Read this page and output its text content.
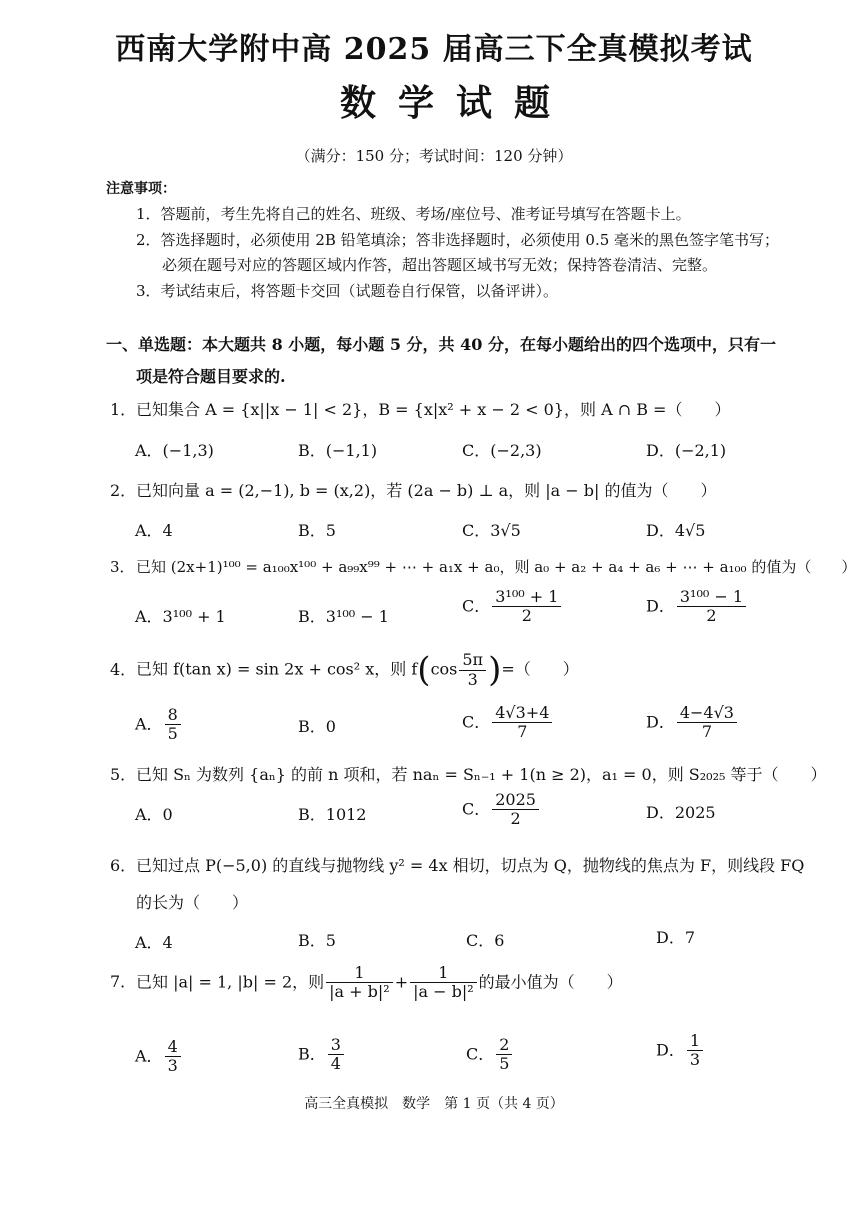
西南大学附中高 2025 届高三下全真模拟考试
数学试题
（满分：150 分；考试时间：120 分钟）
注意事项：
1．答题前，考生先将自己的姓名、班级、考场/座位号、准考证号填写在答题卡上。
2．答选择题时，必须使用 2B 铅笔填涂；答非选择题时，必须使用 0.5 毫米的黑色签字笔书写；
必须在题号对应的答题区域内作答，超出答题区域书写无效；保持答卷清洁、完整。
3．考试结束后，将答题卡交回（试题卷自行保管，以备评讲）。
一、单选题：本大题共 8 小题，每小题 5 分，共 40 分，在每小题给出的四个选项中，只有一
项是符合题目要求的.
1．已知集合 A = {x||x − 1| < 2}，B = {x|x² + x − 2 < 0}，则 A ∩ B =（　　）
A．(−1,3)	B．(−1,1)	C．(−2,3)	D．(−2,1)
2．已知向量 a = (2,−1), b = (x,2)，若 (2a − b) ⊥ a，则 |a − b| 的值为（　　）
A．4	B．5	C．3√5	D．4√5
3．已知 (2x+1)¹⁰⁰ = a₁₀₀x¹⁰⁰ + a₉₉x⁹⁹ + ⋯ + a₁x + a₀，则 a₀ + a₂ + a₄ + a₆ + ⋯ + a₁₀₀ 的值为（　　）
A．3¹⁰⁰ + 1	B．3¹⁰⁰ − 1
C． $\frac{\text{3¹⁰⁰ + 1}}{2}$	D． $\frac{\text{3¹⁰⁰ − 1}}{2}$
4．已知 f(tan x) = sin 2x + cos² x，则 $f(\cos \frac{5\pi}{3}$ )=（　　）
A． $\frac{8}{5}$	B．0	C． $\frac{4√3+4}{7}$	D． $\frac{4-4√3}{7}$
5．已知 Sₙ 为数列 {aₙ} 的前 n 项和，若 naₙ = Sₙ₋₁ + 1(n ≥ 2)，a₁ = 0，则 S₂₀₂₅ 等于（　　）
A．0	B．1012	C． $\frac{2025}{2}$	D．2025
6．已知过点 P(−5,0) 的直线与抛物线 y² = 4x 相切，切点为 Q，抛物线的焦点为 F，则线段 FQ
的长为（　　）
A．4	B．5	C．6	D．7
7．已知 |a| = 1, |b| = 2，则 $\frac{1}{\text{|a + b|²}} + \frac{1}{\text{|a − b|²}}$ 的最小值为（　　）
A． $\frac{4}{3}$	B． $\frac{3}{4}$	C． $\frac{2}{5}$	D． $\frac{1}{3}$
高三全真模拟　数学　第 1 页（共 4 页）
